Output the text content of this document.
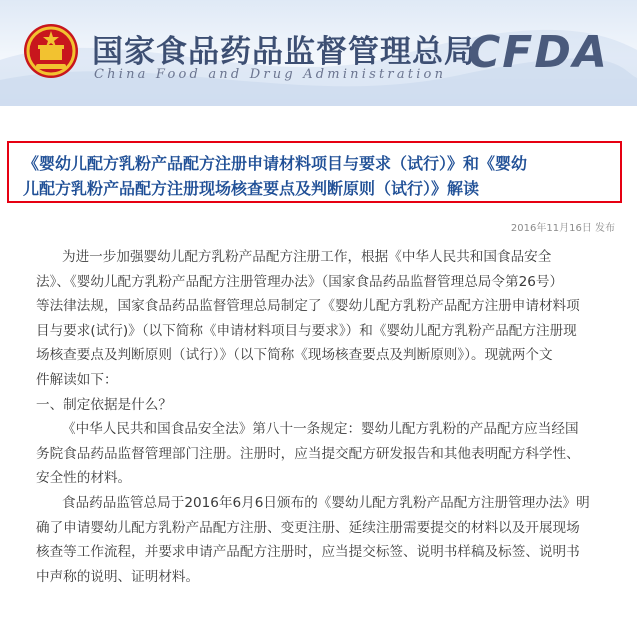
国家食品药品监督管理总局
China Food and Drug Administration CFDA
《婴幼儿配方乳粉产品配方注册申请材料项目与要求（试行）》和《婴幼
儿配方乳粉产品配方注册现场核查要点及判断原则（试行）》解读
2016年11月16日 发布
为进一步加强婴幼儿配方乳粉产品配方注册工作，根据《中华人民共和国食品安全
法》、《婴幼儿配方乳粉产品配方注册管理办法》（国家食品药品监督管理总局令第26号）
等法律法规，国家食品药品监督管理总局制定了《婴幼儿配方乳粉产品配方注册申请材料项
目与要求(试行)》（以下简称《申请材料项目与要求》）和《婴幼儿配方乳粉产品配方注册现
场核查要点及判断原则（试行）》（以下简称《现场核查要点及判断原则》）。现就两个文
件解读如下：
一、制定依据是什么？
《中华人民共和国食品安全法》第八十一条规定：婴幼儿配方乳粉的产品配方应当经国
务院食品药品监督管理部门注册。注册时，应当提交配方研发报告和其他表明配方科学性、
安全性的材料。
食品药品监管总局于2016年6月6日颁布的《婴幼儿配方乳粉产品配方注册管理办法》明
确了申请婴幼儿配方乳粉产品配方注册、变更注册、延续注册需要提交的材料以及开展现场
核查等工作流程，并要求申请产品配方注册时，应当提交标签、说明书样稿及标签、说明书
中声称的说明、证明材料。
